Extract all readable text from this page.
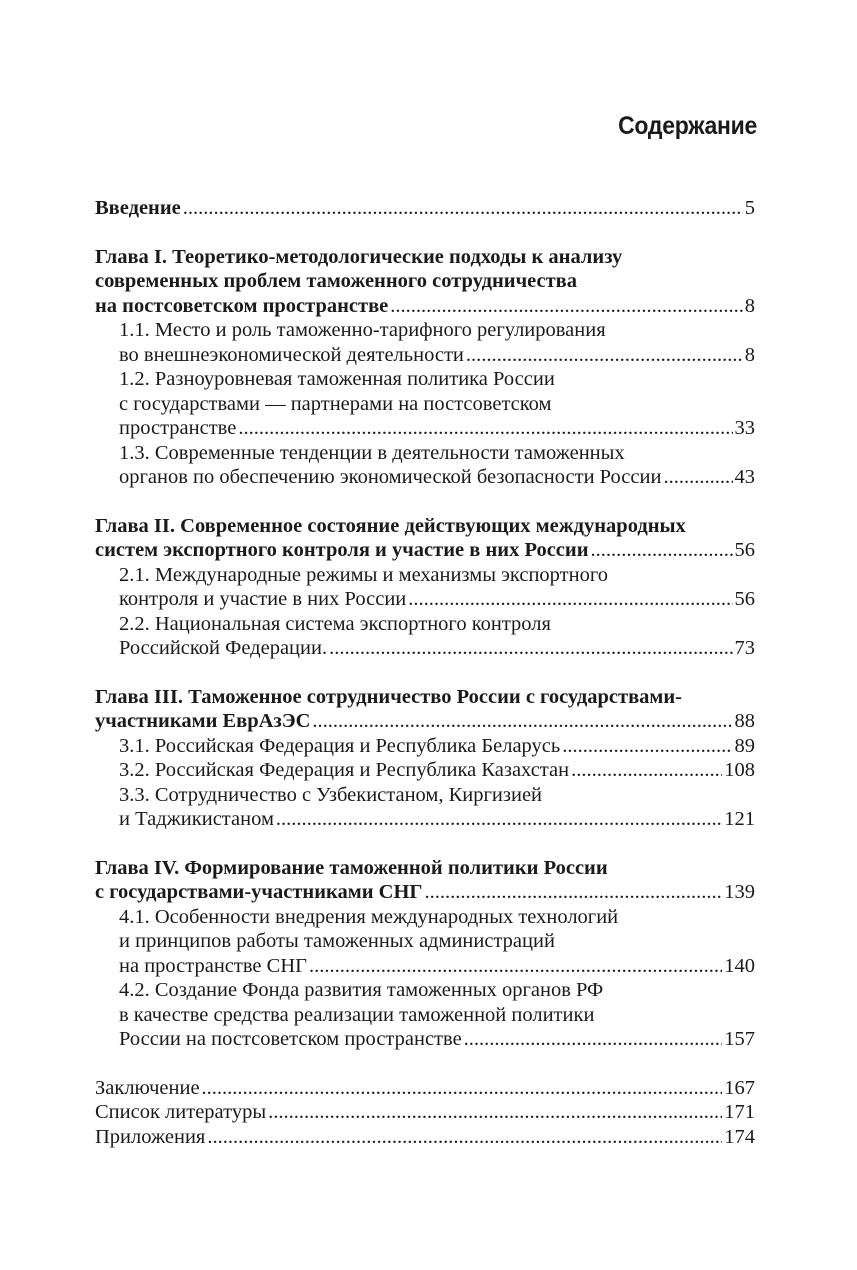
Содержание
Введение .....	5
Глава I. Теоретико-методологические подходы к анализу
современных проблем таможенного сотрудничества
на постсоветском пространстве .....	8
1.1. Место и роль таможенно-тарифного регулирования
во внешнеэкономической деятельности .....	8
1.2. Разноуровневая таможенная политика России
с государствами — партнерами на постсоветском
пространстве .....	33
1.3. Современные тенденции в деятельности таможенных
органов по обеспечению экономической безопасности России .....	43
Глава II. Современное состояние действующих международных
систем экспортного контроля и участие в них России .....	56
2.1. Международные режимы и механизмы экспортного
контроля и участие в них России .....	56
2.2. Национальная система экспортного контроля
Российской Федерации. .....	73
Глава III. Таможенное сотрудничество России с государствами-
участниками ЕврАзЭС .....	88
3.1. Российская Федерация и Республика Беларусь .....	89
3.2. Российская Федерация и Республика Казахстан .....	108
3.3. Сотрудничество с Узбекистаном, Киргизией
и Таджикистаном .....	121
Глава IV. Формирование таможенной политики России
с государствами-участниками СНГ .....	139
4.1. Особенности внедрения международных технологий
и принципов работы таможенных администраций
на пространстве СНГ .....	140
4.2. Создание Фонда развития таможенных органов РФ
в качестве средства реализации таможенной политики
России на постсоветском пространстве .....	157
Заключение .....	167
Список литературы .....	171
Приложения .....	174
